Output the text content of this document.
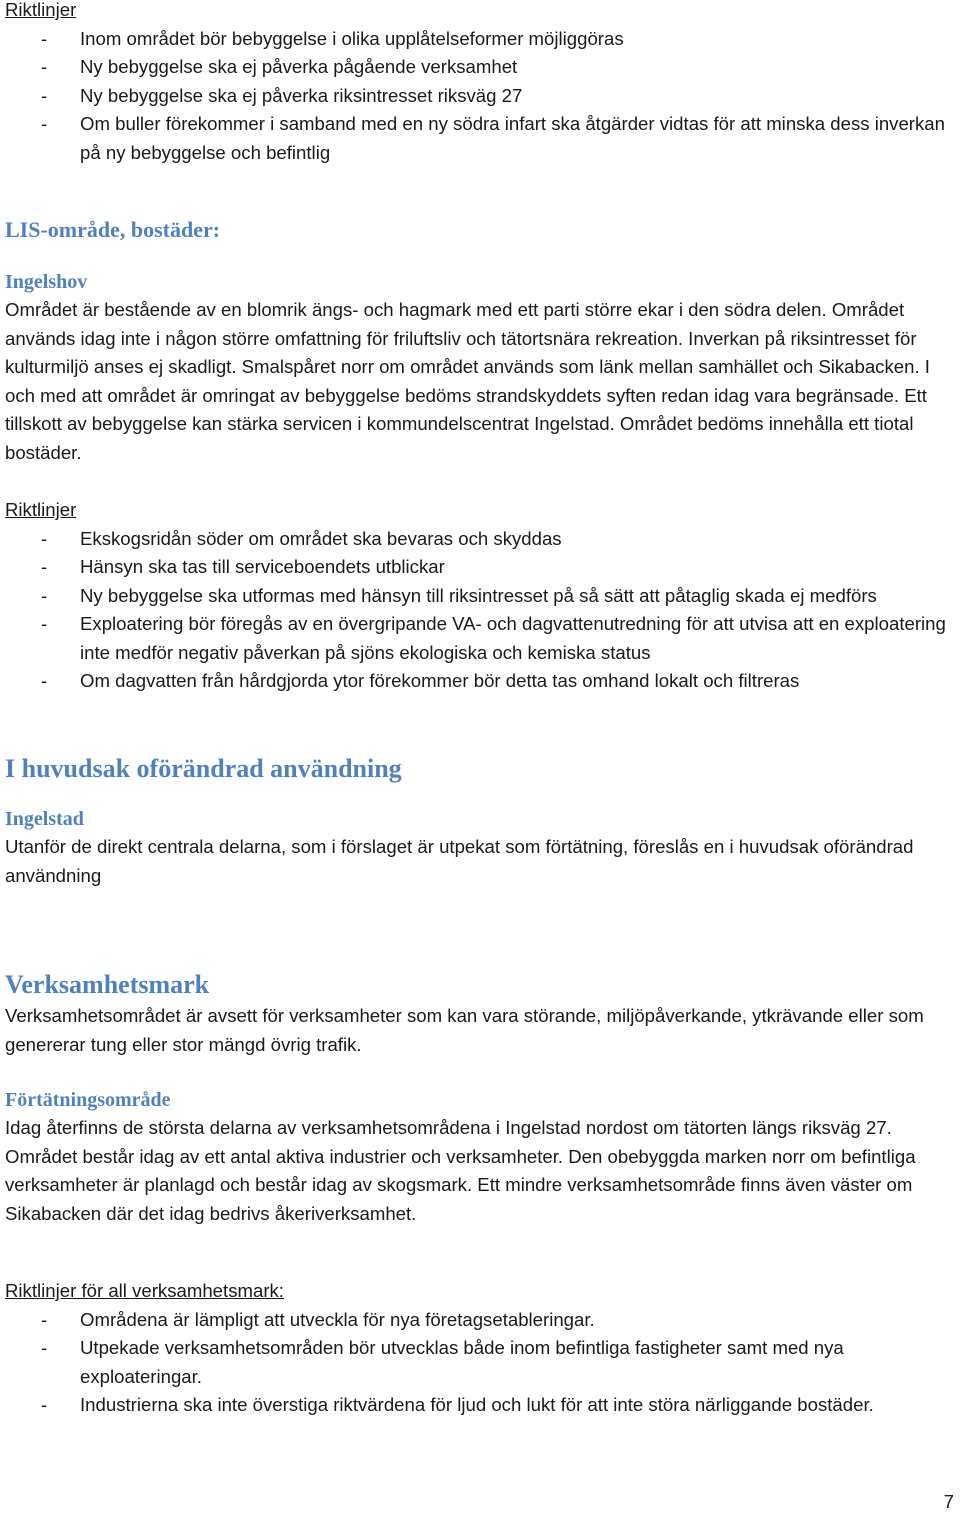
Riktlinjer

-	Inom området bör bebyggelse i olika upplåtelseformer möjliggöras
-	Ny bebyggelse ska ej påverka pågående verksamhet
-	Ny bebyggelse ska ej påverka riksintresset riksväg 27
-	Om buller förekommer i samband med en ny södra infart ska åtgärder vidtas för att minska dess inverkan på ny bebyggelse och befintlig
LIS-område, bostäder:
Ingelshov

Området är bestående av en blomrik ängs- och hagmark med ett parti större ekar i den södra delen. Området används idag inte i någon större omfattning för friluftsliv och tätortsnära rekreation. Inverkan på riksintresset för kulturmiljö anses ej skadligt. Smalspåret norr om området används som länk mellan samhället och Sikabacken. I och med att området är omringat av bebyggelse bedöms strandskyddets syften redan idag vara begränsade. Ett tillskott av bebyggelse kan stärka servicen i kommundelscentrat Ingelstad. Området bedöms innehålla ett tiotal bostäder.

Riktlinjer

-	Ekskogsridån söder om området ska bevaras och skyddas
-	Hänsyn ska tas till serviceboendets utblickar
-	Ny bebyggelse ska utformas med hänsyn till riksintresset på så sätt att påtaglig skada ej medförs
-	Exploatering bör föregås av en övergripande VA- och dagvattenutredning för att utvisa att en exploatering inte medför negativ påverkan på sjöns ekologiska och kemiska status
-	Om dagvatten från hårdgjorda ytor förekommer bör detta tas omhand lokalt och filtreras
I huvudsak oförändrad användning
Ingelstad

Utanför de direkt centrala delarna, som i förslaget är utpekat som förtätning, föreslås en i huvudsak oförändrad användning

Verksamhetsmark

Verksamhetsområdet är avsett för verksamheter som kan vara störande, miljöpåverkande, ytkrävande eller som genererar tung eller stor mängd övrig trafik.

Förtätningsområde

Idag återfinns de största delarna av verksamhetsområdena i Ingelstad nordost om tätorten längs riksväg 27. Området består idag av ett antal aktiva industrier och verksamheter. Den obebyggda marken norr om befintliga verksamheter är planlagd och består idag av skogsmark. Ett mindre verksamhetsområde finns även väster om Sikabacken där det idag bedrivs åkeriverksamhet.

Riktlinjer för all verksamhetsmark:

-	Områdena är lämpligt att utveckla för nya företagsetableringar.
-	Utpekade verksamhetsområden bör utvecklas både inom befintliga fastigheter samt med nya exploateringar.
-	Industrierna ska inte överstiga riktvärdena för ljud och lukt för att inte störa närliggande bostäder.
7
